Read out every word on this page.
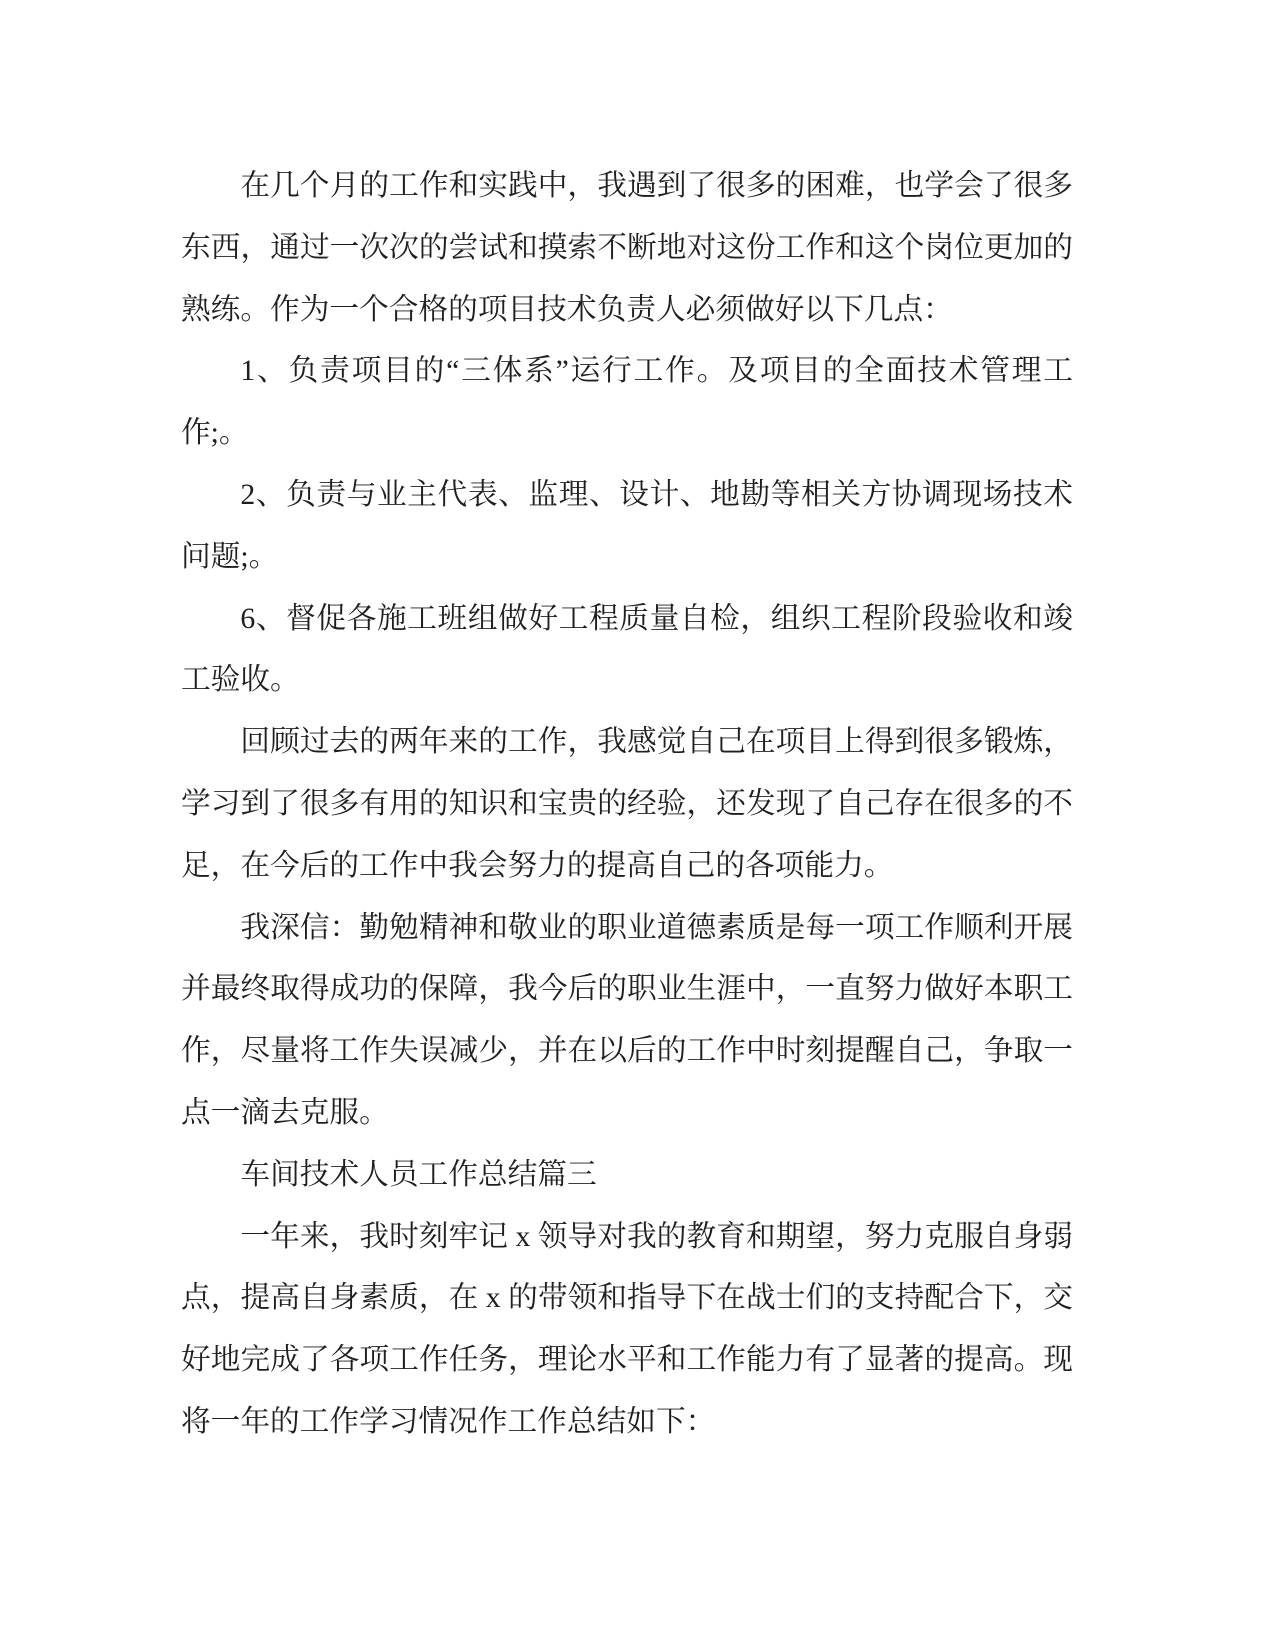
在几个月的工作和实践中，我遇到了很多的困难，也学会了很多东西，通过一次次的尝试和摸索不断地对这份工作和这个岗位更加的熟练。作为一个合格的项目技术负责人必须做好以下几点：

1、负责项目的“三体系”运行工作。及项目的全面技术管理工作;。

2、负责与业主代表、监理、设计、地勘等相关方协调现场技术问题;。

6、督促各施工班组做好工程质量自检，组织工程阶段验收和竣工验收。

回顾过去的两年来的工作，我感觉自己在项目上得到很多锻炼，学习到了很多有用的知识和宝贵的经验，还发现了自己存在很多的不足，在今后的工作中我会努力的提高自己的各项能力。

我深信：勤勉精神和敬业的职业道德素质是每一项工作顺利开展并最终取得成功的保障，我今后的职业生涯中，一直努力做好本职工作，尽量将工作失误减少，并在以后的工作中时刻提醒自己，争取一点一滴去克服。

车间技术人员工作总结篇三

一年来，我时刻牢记 x 领导对我的教育和期望，努力克服自身弱点，提高自身素质，在 x 的带领和指导下在战士们的支持配合下，交好地完成了各项工作任务，理论水平和工作能力有了显著的提高。现将一年的工作学习情况作工作总结如下：
